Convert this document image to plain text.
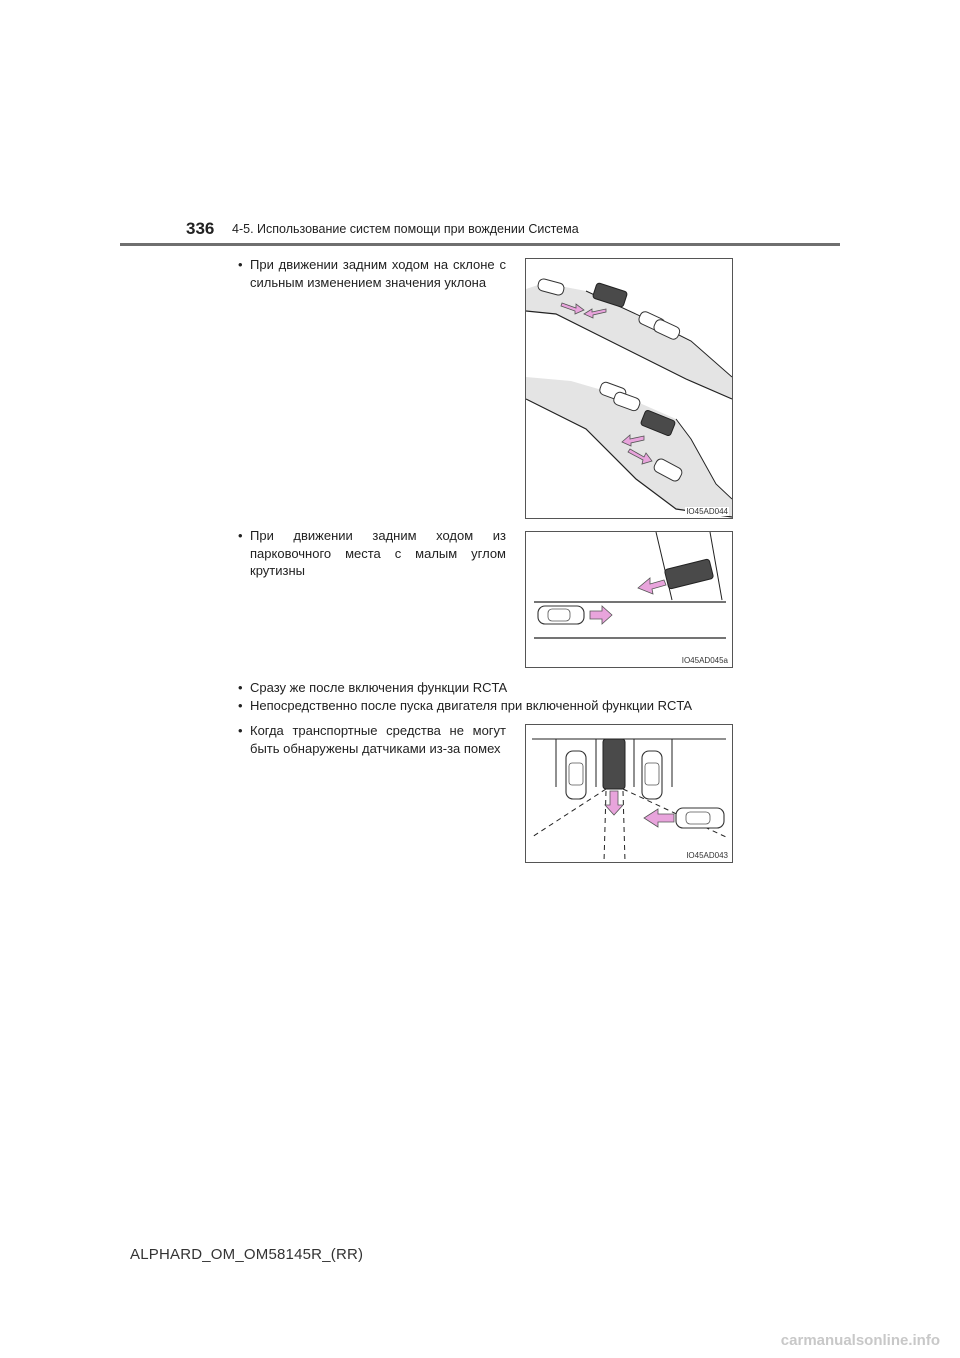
336 4-5. Использование систем помощи при вождении Система
• При движении задним ходом на склоне с сильным изменением значения уклона
IO45AD044
• При движении задним ходом из парковочного места с малым углом крутизны
IO45AD045a
• Сразу же после включения функции RCTA
• Непосредственно после пуска двигателя при включенной функции RCTA
• Когда транспортные средства не могут быть обнаружены датчиками из-за помех
IO45AD043
ALPHARD_OM_OM58145R_(RR)
carmanualsonline.info
